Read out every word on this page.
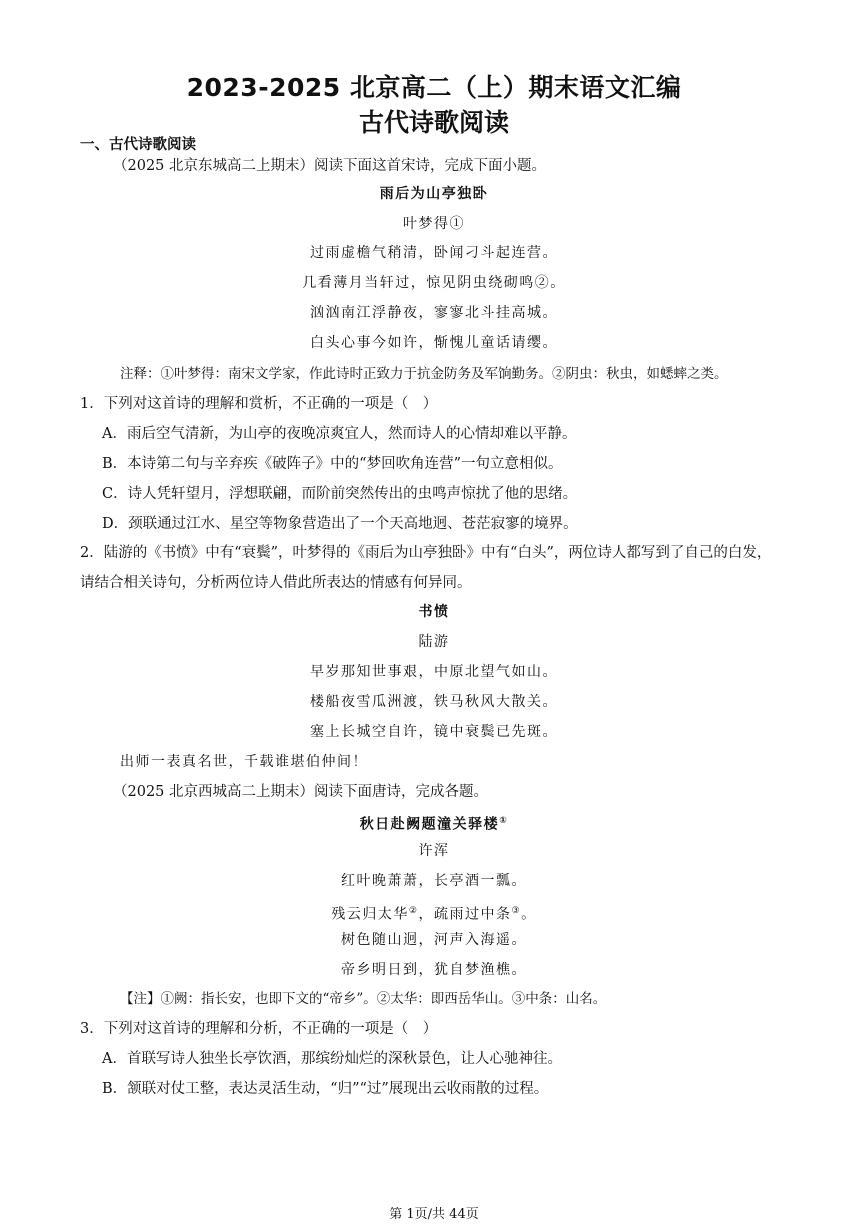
2023-2025 北京高二（上）期末语文汇编
古代诗歌阅读
一、古代诗歌阅读
（2025 北京东城高二上期末）阅读下面这首宋诗，完成下面小题。
雨后为山亭独卧
叶梦得①
过雨虚檐气稍清，卧闻刁斗起连营。
几看薄月当轩过，惊见阴虫绕砌鸣②。
汹汹南江浮静夜，寥寥北斗挂高城。
白头心事今如许，惭愧儿童话请缨。
注释：①叶梦得：南宋文学家，作此诗时正致力于抗金防务及军饷勤务。②阴虫：秋虫，如蟋蟀之类。
1．下列对这首诗的理解和赏析，不正确的一项是（　）
A．雨后空气清新，为山亭的夜晚凉爽宜人，然而诗人的心情却难以平静。
B．本诗第二句与辛弃疾《破阵子》中的“梦回吹角连营”一句立意相似。
C．诗人凭轩望月，浮想联翩，而阶前突然传出的虫鸣声惊扰了他的思绪。
D．颈联通过江水、星空等物象营造出了一个天高地迥、苍茫寂寥的境界。
2．陆游的《书愤》中有“衰鬓”，叶梦得的《雨后为山亭独卧》中有“白头”，两位诗人都写到了自己的白发，
请结合相关诗句，分析两位诗人借此所表达的情感有何异同。
书愤
陆游
早岁那知世事艰，中原北望气如山。
楼船夜雪瓜洲渡，铁马秋风大散关。
塞上长城空自许，镜中衰鬓已先斑。
出师一表真名世，千载谁堪伯仲间！
（2025 北京西城高二上期末）阅读下面唐诗，完成各题。
秋日赴阙题潼关驿楼①
许浑
红叶晚萧萧，长亭酒一瓢。
残云归太华②，疏雨过中条③。
树色随山迥，河声入海遥。
帝乡明日到，犹自梦渔樵。
【注】①阙：指长安，也即下文的“帝乡”。②太华：即西岳华山。③中条：山名。
3．下列对这首诗的理解和分析，不正确的一项是（　）
A．首联写诗人独坐长亭饮酒，那缤纷灿烂的深秋景色，让人心驰神往。
B．颔联对仗工整，表达灵活生动，“归”“过”展现出云收雨散的过程。
第 1页/共 44页
